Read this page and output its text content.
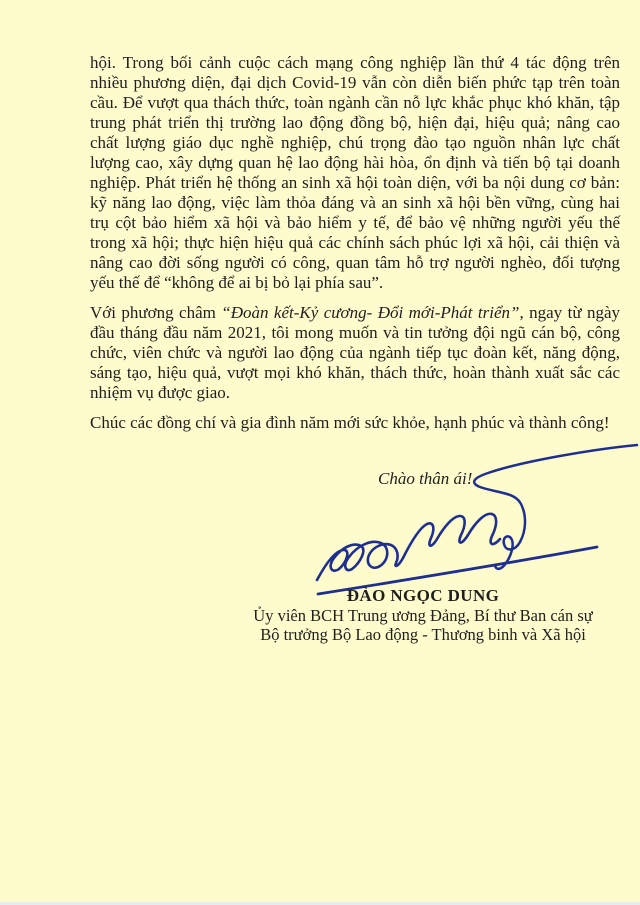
hội. Trong bối cảnh cuộc cách mạng công nghiệp lần thứ 4 tác động trên nhiều phương diện, đại dịch Covid-19 vẫn còn diễn biến phức tạp trên toàn cầu. Để vượt qua thách thức, toàn ngành cần nỗ lực khắc phục khó khăn, tập trung phát triển thị trường lao động đồng bộ, hiện đại, hiệu quả; nâng cao chất lượng giáo dục nghề nghiệp, chú trọng đào tạo nguồn nhân lực chất lượng cao, xây dựng quan hệ lao động hài hòa, ổn định và tiến bộ tại doanh nghiệp. Phát triển hệ thống an sinh xã hội toàn diện, với ba nội dung cơ bản: kỹ năng lao động, việc làm thỏa đáng và an sinh xã hội bền vững, cùng hai trụ cột bảo hiểm xã hội và bảo hiểm y tế, để bảo vệ những người yếu thế trong xã hội; thực hiện hiệu quả các chính sách phúc lợi xã hội, cải thiện và nâng cao đời sống người có công, quan tâm hỗ trợ người nghèo, đối tượng yếu thế để “không để ai bị bỏ lại phía sau”.

Với phương châm “Đoàn kết-Kỷ cương- Đổi mới-Phát triển”, ngay từ ngày đầu tháng đầu năm 2021, tôi mong muốn và tin tưởng đội ngũ cán bộ, công chức, viên chức và người lao động của ngành tiếp tục đoàn kết, năng động, sáng tạo, hiệu quả, vượt mọi khó khăn, thách thức, hoàn thành xuất sắc các nhiệm vụ được giao.

Chúc các đồng chí và gia đình năm mới sức khỏe, hạnh phúc và thành công!

Chào thân ái!
ĐÀO NGỌC DUNG
Ủy viên BCH Trung ương Đảng, Bí thư Ban cán sự
Bộ trưởng Bộ Lao động - Thương binh và Xã hội
